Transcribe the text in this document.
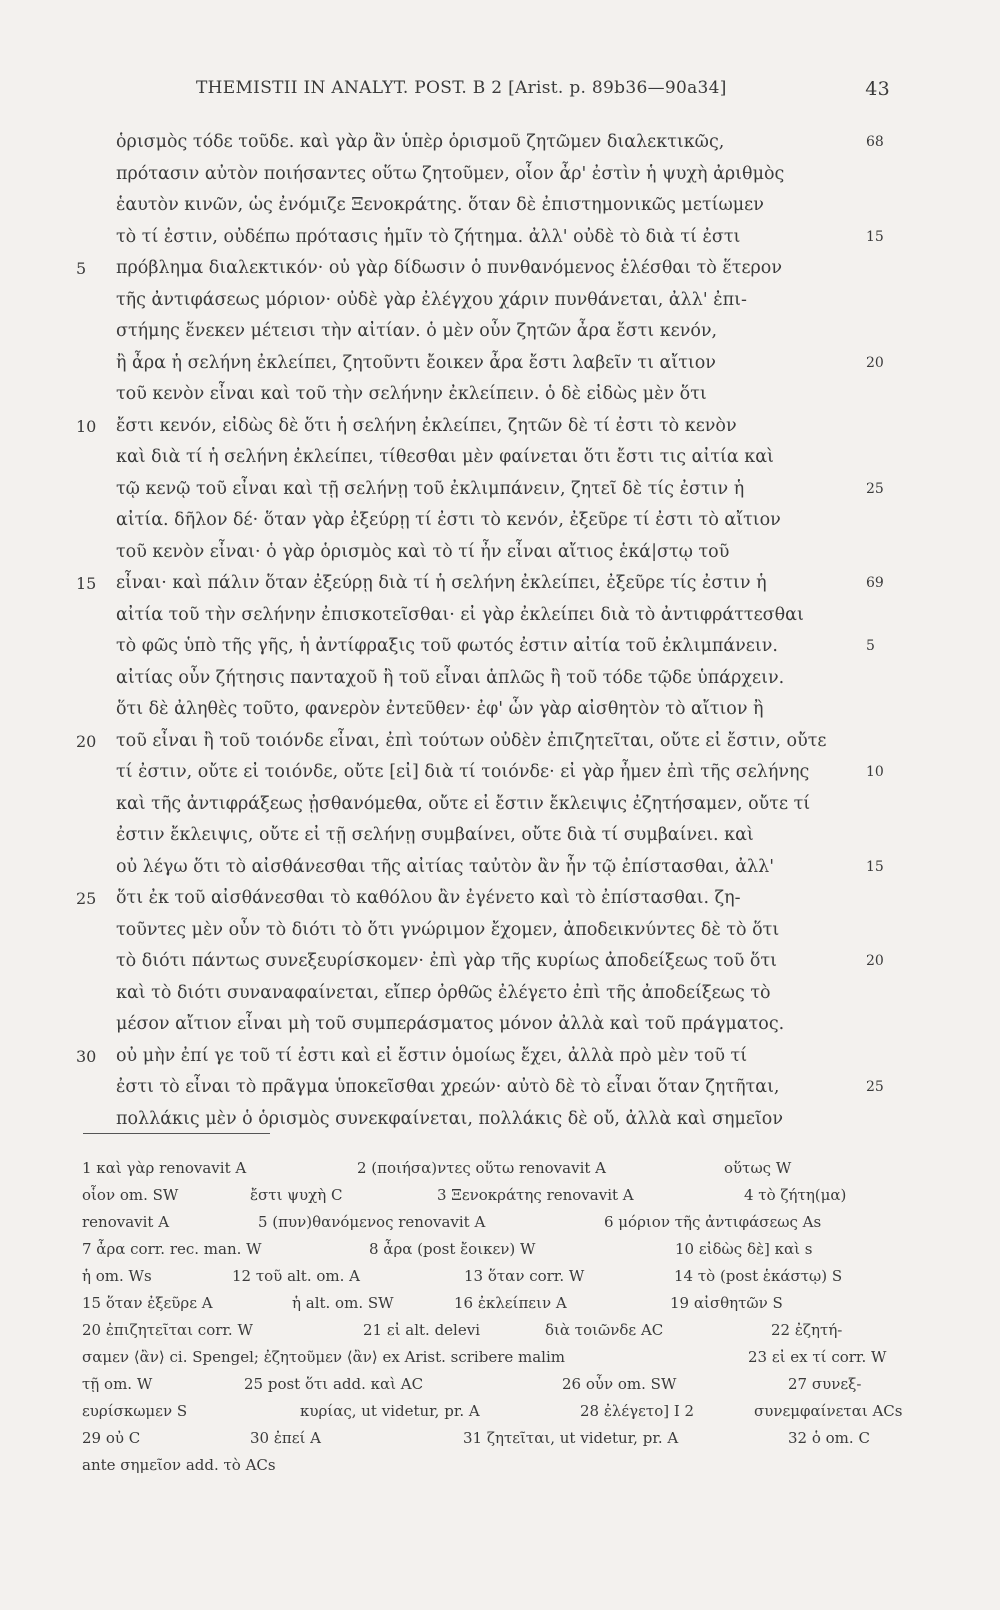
THEMISTII IN ANALYT. POST. B 2 [Arist. p. 89b36—90a34]	43
ὁρισμὸς τόδε τοῦδε. καὶ γὰρ ἂν ὑπὲρ ὁρισμοῦ ζητῶμεν διαλεκτικῶς,	68
πρότασιν αὐτὸν ποιήσαντες οὕτω ζητοῦμεν, οἷον ἆρ' ἐστὶν ἡ ψυχὴ ἀριθμὸς
ἑαυτὸν κινῶν, ὡς ἐνόμιζε Ξενοκράτης. ὅταν δὲ ἐπιστημονικῶς μετίωμεν
τὸ τί ἐστιν, οὐδέπω πρότασις ἡμῖν τὸ ζήτημα. ἀλλ' οὐδὲ τὸ διὰ τί ἐστι	15
5	πρόβλημα διαλεκτικόν· οὐ γὰρ δίδωσιν ὁ πυνθανόμενος ἑλέσθαι τὸ ἕτερον
τῆς ἀντιφάσεως μόριον· οὐδὲ γὰρ ἐλέγχου χάριν πυνθάνεται, ἀλλ' ἐπι-
στήμης ἕνεκεν μέτεισι τὴν αἰτίαν. ὁ μὲν οὖν ζητῶν ἆρα ἔστι κενόν,
ἢ ἆρα ἡ σελήνη ἐκλείπει, ζητοῦντι ἔοικεν ἆρα ἔστι λαβεῖν τι αἴτιον	20
τοῦ κενὸν εἶναι καὶ τοῦ τὴν σελήνην ἐκλείπειν. ὁ δὲ εἰδὼς μὲν ὅτι
10	ἔστι κενόν, εἰδὼς δὲ ὅτι ἡ σελήνη ἐκλείπει, ζητῶν δὲ τί ἐστι τὸ κενὸν
καὶ διὰ τί ἡ σελήνη ἐκλείπει, τίθεσθαι μὲν φαίνεται ὅτι ἔστι τις αἰτία καὶ
τῷ κενῷ τοῦ εἶναι καὶ τῇ σελήνῃ τοῦ ἐκλιμπάνειν, ζητεῖ δὲ τίς ἐστιν ἡ	25
αἰτία. δῆλον δέ· ὅταν γὰρ ἐξεύρῃ τί ἐστι τὸ κενόν, ἐξεῦρε τί ἐστι τὸ αἴτιον
τοῦ κενὸν εἶναι· ὁ γὰρ ὁρισμὸς καὶ τὸ τί ἦν εἶναι αἴτιος ἑκά|στῳ τοῦ
15	εἶναι· καὶ πάλιν ὅταν ἐξεύρῃ διὰ τί ἡ σελήνη ἐκλείπει, ἐξεῦρε τίς ἐστιν ἡ	69
αἰτία τοῦ τὴν σελήνην ἐπισκοτεῖσθαι· εἰ γὰρ ἐκλείπει διὰ τὸ ἀντιφράττεσθαι
τὸ φῶς ὑπὸ τῆς γῆς, ἡ ἀντίφραξις τοῦ φωτός ἐστιν αἰτία τοῦ ἐκλιμπάνειν.	5
αἰτίας οὖν ζήτησις πανταχοῦ ἢ τοῦ εἶναι ἁπλῶς ἢ τοῦ τόδε τῷδε ὑπάρχειν.
ὅτι δὲ ἀληθὲς τοῦτο, φανερὸν ἐντεῦθεν· ἐφ' ὧν γὰρ αἰσθητὸν τὸ αἴτιον ἢ
20	τοῦ εἶναι ἢ τοῦ τοιόνδε εἶναι, ἐπὶ τούτων οὐδὲν ἐπιζητεῖται, οὔτε εἰ ἔστιν, οὔτε
τί ἐστιν, οὔτε εἰ τοιόνδε, οὔτε [εἰ] διὰ τί τοιόνδε· εἰ γὰρ ἦμεν ἐπὶ τῆς σελήνης	10
καὶ τῆς ἀντιφράξεως ᾐσθανόμεθα, οὔτε εἰ ἔστιν ἔκλειψις ἐζητήσαμεν, οὔτε τί
ἐστιν ἔκλειψις, οὔτε εἰ τῇ σελήνῃ συμβαίνει, οὔτε διὰ τί συμβαίνει. καὶ
οὐ λέγω ὅτι τὸ αἰσθάνεσθαι τῆς αἰτίας ταὐτὸν ἂν ἦν τῷ ἐπίστασθαι, ἀλλ'	15
25	ὅτι ἐκ τοῦ αἰσθάνεσθαι τὸ καθόλου ἂν ἐγένετο καὶ τὸ ἐπίστασθαι. ζη-
τοῦντες μὲν οὖν τὸ διότι τὸ ὅτι γνώριμον ἔχομεν, ἀποδεικνύντες δὲ τὸ ὅτι
τὸ διότι πάντως συνεξευρίσκομεν· ἐπὶ γὰρ τῆς κυρίως ἀποδείξεως τοῦ ὅτι	20
καὶ τὸ διότι συναναφαίνεται, εἴπερ ὀρθῶς ἐλέγετο ἐπὶ τῆς ἀποδείξεως τὸ
μέσον αἴτιον εἶναι μὴ τοῦ συμπεράσματος μόνον ἀλλὰ καὶ τοῦ πράγματος.
30	οὐ μὴν ἐπί γε τοῦ τί ἐστι καὶ εἰ ἔστιν ὁμοίως ἔχει, ἀλλὰ πρὸ μὲν τοῦ τί
ἐστι τὸ εἶναι τὸ πρᾶγμα ὑποκεῖσθαι χρεών· αὐτὸ δὲ τὸ εἶναι ὅταν ζητῆται,	25
πολλάκις μὲν ὁ ὁρισμὸς συνεκφαίνεται, πολλάκις δὲ οὔ, ἀλλὰ καὶ σημεῖον
1 καὶ γὰρ renovavit A	2 (ποιήσα)ντες οὕτω renovavit A	οὕτως W
οἷον om. SW	ἔστι ψυχὴ C	3 Ξενοκράτης renovavit A	4 τὸ ζήτη(μα)
renovavit A	5 (πυν)θανόμενος renovavit A	6 μόριον τῆς ἀντιφάσεως As
7 ἆρα corr. rec. man. W	8 ἆρα (post ἔοικεν) W	10 εἰδὼς δὲ] καὶ s
ἡ om. Ws	12 τοῦ alt. om. A	13 ὅταν corr. W	14 τὸ (post ἑκάστῳ) S
15 ὅταν ἐξεῦρε A	ἡ alt. om. SW	16 ἐκλείπειν A	19 αἰσθητῶν S
20 ἐπιζητεῖται corr. W	21 εἰ alt. delevi	διὰ τοιῶνδε AC	22 ἐζητή-
σαμεν ⟨ἂν⟩ ci. Spengel; ἐζητοῦμεν ⟨ἂν⟩ ex Arist. scribere malim	23 εἰ ex τί corr. W
τῇ om. W	25 post ὅτι add. καὶ AC	26 οὖν om. SW	27 συνεξ-
ευρίσκωμεν S	κυρίας, ut videtur, pr. A	28 ἐλέγετο] I 2	συνεμφαίνεται ACs
29 οὐ C	30 ἐπεί A	31 ζητεῖται, ut videtur, pr. A	32 ὁ om. C
ante σημεῖον add. τὸ ACs
